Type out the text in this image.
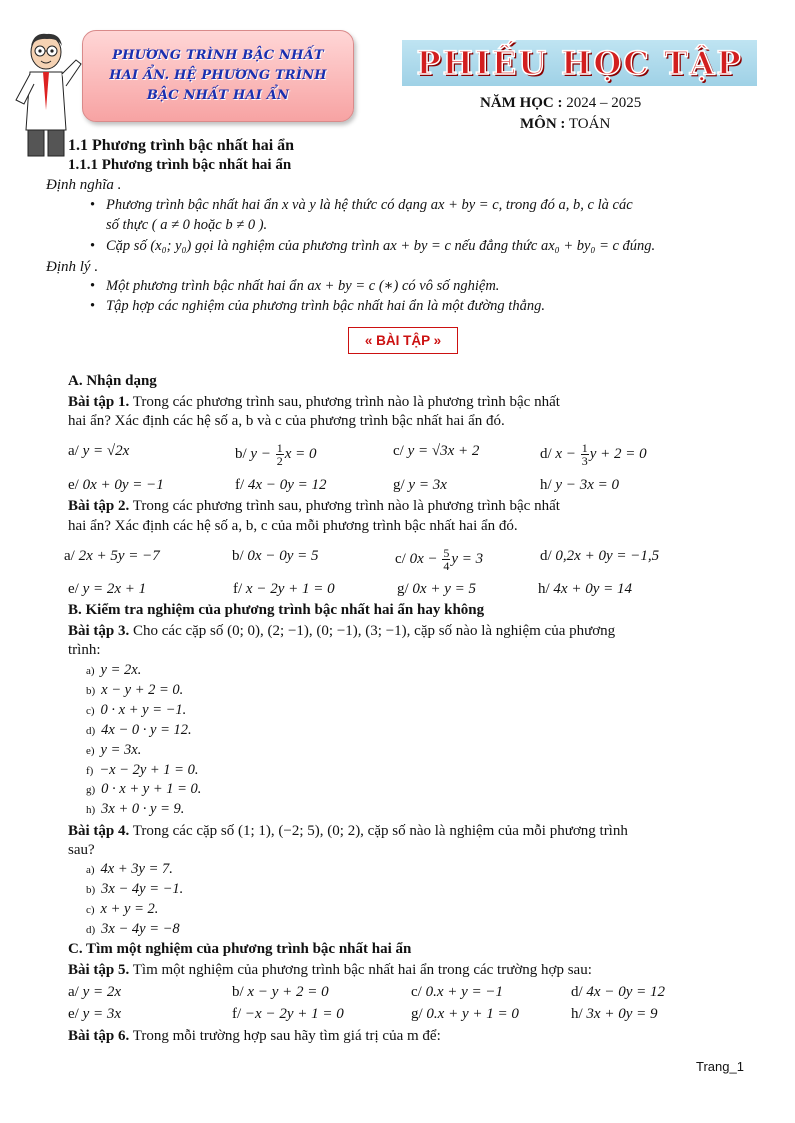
PHƯƠNG TRÌNH BẬC NHẤT
HAI ẨN. HỆ PHƯƠNG TRÌNH
BẬC NHẤT HAI ẨN
PHIẾU HỌC TẬP
NĂM HỌC : 2024 – 2025
MÔN : TOÁN
1.1 Phương trình bậc nhất hai ẩn
1.1.1 Phương trình bậc nhất hai ẩn
Định nghĩa .
• Phương trình bậc nhất hai ẩn x và y là hệ thức có dạng ax + by = c, trong đó a, b, c là các
số thực ( a ≠ 0 hoặc b ≠ 0 ).
• Cặp số (x₀; y₀) gọi là nghiệm của phương trình ax + by = c nếu đẳng thức ax₀ + by₀ = c đúng.
Định lý .
• Một phương trình bậc nhất hai ẩn ax + by = c (∗) có vô số nghiệm.
• Tập hợp các nghiệm của phương trình bậc nhất hai ẩn là một đường thẳng.
« BÀI TẬP »
A. Nhận dạng
Bài tập 1. Trong các phương trình sau, phương trình nào là phương trình bậc nhất
hai ẩn? Xác định các hệ số a, b và c của phương trình bậc nhất hai ẩn đó.
a/ y = √2x	b/ $y - \frac{1}{2}$ x = 0	c/ y = √3x + 2	d/ $x - \frac{1}{3}$ y + 2 = 0
e/ 0x + 0y = −1	f/ 4x − 0y = 12	g/ y = 3x	h/ y − 3x = 0
Bài tập 2. Trong các phương trình sau, phương trình nào là phương trình bậc nhất
hai ẩn? Xác định các hệ số a, b, c của mỗi phương trình bậc nhất hai ẩn đó.
a/ 2x + 5y = −7	b/ 0x − 0y = 5	c/ $0x - \frac{5}{4}$ y = 3	d/ 0,2x + 0y = −1,5
e/ y = 2x + 1	f/ x − 2y + 1 = 0	g/ 0x + y = 5	h/ 4x + 0y = 14
B. Kiểm tra nghiệm của phương trình bậc nhất hai ẩn hay không
Bài tập 3. Cho các cặp số (0; 0), (2; −1), (0; −1), (3; −1), cặp số nào là nghiệm của phương
trình:
a) y = 2x.
b) x − y + 2 = 0.
c) 0 · x + y = −1.
d) 4x − 0 · y = 12.
e) y = 3x.
f) −x − 2y + 1 = 0.
g) 0 · x + y + 1 = 0.
h) 3x + 0 · y = 9.
Bài tập 4. Trong các cặp số (1; 1), (−2; 5), (0; 2), cặp số nào là nghiệm của mỗi phương trình
sau?
a) 4x + 3y = 7.
b) 3x − 4y = −1.
c) x + y = 2.
d) 3x − 4y = −8
C. Tìm một nghiệm của phương trình bậc nhất hai ẩn
Bài tập 5. Tìm một nghiệm của phương trình bậc nhất hai ẩn trong các trường hợp sau:
a/ y = 2x	b/ x − y + 2 = 0	c/ 0.x + y = −1	d/ 4x − 0y = 12
e/ y = 3x	f/ −x − 2y + 1 = 0	g/ 0.x + y + 1 = 0	h/ 3x + 0y = 9
Bài tập 6. Trong mỗi trường hợp sau hãy tìm giá trị của m để:
Trang_1
